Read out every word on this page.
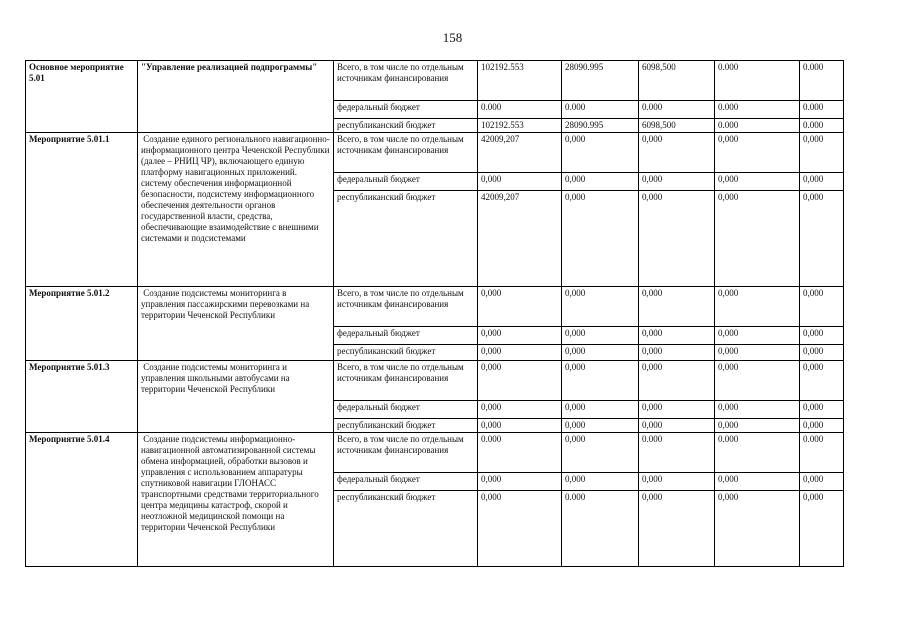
158
Основное мероприятие 5.01	"Управление реализацией подпрограммы"	Всего, в том числе по отдельным источникам финансирования	102192.553	28090.995	6098,500	0.000	0.000
		федеральный бюджет	0.000	0.000	0.000	0.000	0.000
		республиканский бюджет	102192.553	28090.995	6098,500	0.000	0.000
Мероприятие 5.01.1	Создание единого регионального навигационно-информационного центра Чеченской Республики (далее – РНИЦ ЧР), включающего единую платформу навигационных приложений. систему обеспечения информационной безопасности, подсистему информационного обеспечения деятельности органов государственной власти, средства, обеспечивающие взаимодействие с внешними системами и подсистемами	Всего, в том числе по отдельным источникам финансирования	42009,207	0,000	0,000	0,000	0,000
		федеральный бюджет	0,000	0,000	0,000	0,000	0,000
		республиканский бюджет	42009,207	0,000	0,000	0,000	0,000
Мероприятие 5.01.2	Создание подсистемы мониторинга в управления пассажирскими перевозками на территории Чеченской Республики	Всего, в том числе по отдельным источникам финансирования	0,000	0,000	0,000	0,000	0,000
		федеральный бюджет	0,000	0,000	0,000	0,000	0,000
		республиканский бюджет	0,000	0,000	0,000	0,000	0,000
Мероприятие 5.01.3	Создание подсистемы мониторинга и управления школьными автобусами на территории Чеченской Республики	Всего, в том числе по отдельным источникам финансирования	0,000	0,000	0,000	0,000	0,000
		федеральный бюджет	0,000	0,000	0,000	0,000	0,000
		республиканский бюджет	0,000	0,000	0,000	0,000	0,000
Мероприятие 5.01.4	Создание подсистемы информационно-навигационной автоматизированной системы обмена информацией, обработки вызовов и управления с использованием аппаратуры спутниковой навигации ГЛОНАСС транспортными средствами территориального центра медицины катастроф, скорой и неотложной медицинской помощи на территории Чеченской Республики	Всего, в том числе по отдельным источникам финансирования	0.000	0,000	0.000	0.000	0.000
		федеральный бюджет	0,000	0,000	0,000	0,000	0,000
		республиканский бюджет	0,000	0.000	0,000	0,000	0,000
